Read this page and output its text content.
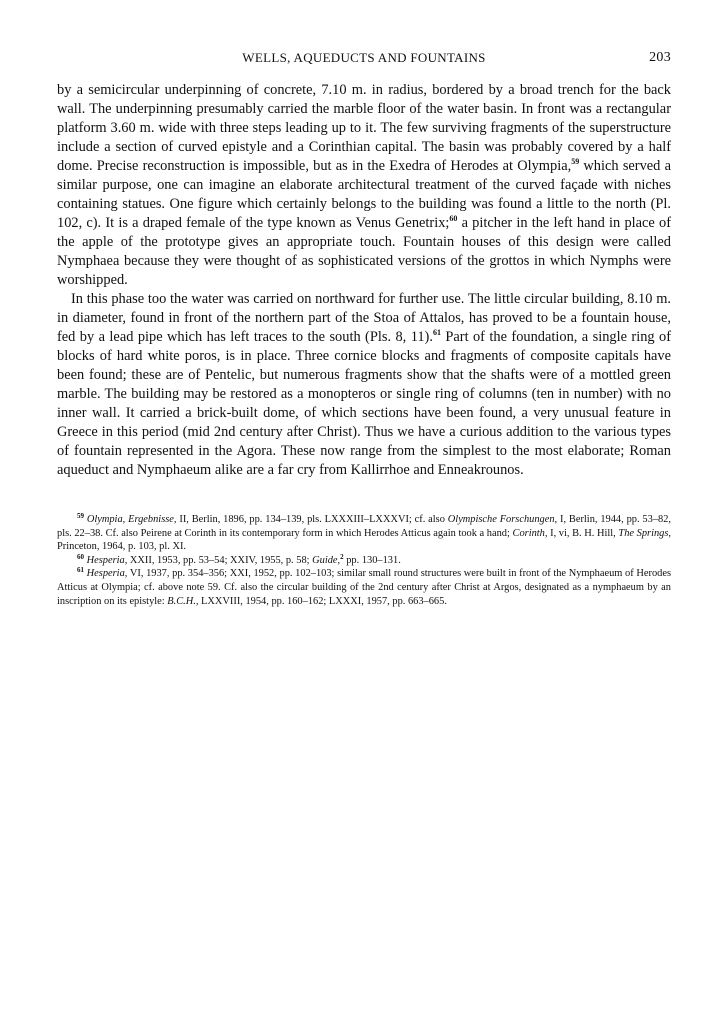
WELLS, AQUEDUCTS AND FOUNTAINS	203

by a semicircular underpinning of concrete, 7.10 m. in radius, bordered by a broad trench for the back wall. The underpinning presumably carried the marble floor of the water basin. In front was a rectangular platform 3.60 m. wide with three steps leading up to it. The few surviving fragments of the superstructure include a section of curved epistyle and a Corinthian capital. The basin was probably covered by a half dome. Precise reconstruction is impossible, but as in the Exedra of Herodes at Olympia,$^{59}$ which served a similar purpose, one can imagine an elaborate architectural treatment of the curved façade with niches containing statues. One figure which certainly belongs to the building was found a little to the north (Pl. 102, c). It is a draped female of the type known as Venus Genetrix;$^{60}$ a pitcher in the left hand in place of the apple of the prototype gives an appropriate touch. Fountain houses of this design were called Nymphaea because they were thought of as sophisticated versions of the grottos in which Nymphs were worshipped.

In this phase too the water was carried on northward for further use. The little circular building, 8.10 m. in diameter, found in front of the northern part of the Stoa of Attalos, has proved to be a fountain house, fed by a lead pipe which has left traces to the south (Pls. 8, 11).$^{61}$ Part of the foundation, a single ring of blocks of hard white poros, is in place. Three cornice blocks and fragments of composite capitals have been found; these are of Pentelic, but numerous fragments show that the shafts were of a mottled green marble. The building may be restored as a monopteros or single ring of columns (ten in number) with no inner wall. It carried a brick-built dome, of which sections have been found, a very unusual feature in Greece in this period (mid 2nd century after Christ). Thus we have a curious addition to the various types of fountain represented in the Agora. These now range from the simplest to the most elaborate; Roman aqueduct and Nymphaeum alike are a far cry from Kallirrhoe and Enneakrounos.

$^{59}$ Olympia, Ergebnisse, II, Berlin, 1896, pp. 134–139, pls. LXXXIII–LXXXVI; cf. also Olympische Forschungen, I, Berlin, 1944, pp. 53–82, pls. 22–38. Cf. also Peirene at Corinth in its contemporary form in which Herodes Atticus again took a hand; Corinth, I, vi, B. H. Hill, The Springs, Princeton, 1964, p. 103, pl. XI.

$^{60}$ Hesperia, XXII, 1953, pp. 53–54; XXIV, 1955, p. 58; Guide,$^2$ pp. 130–131.

$^{61}$ Hesperia, VI, 1937, pp. 354–356; XXI, 1952, pp. 102–103; similar small round structures were built in front of the Nymphaeum of Herodes Atticus at Olympia; cf. above note 59. Cf. also the circular building of the 2nd century after Christ at Argos, designated as a nymphaeum by an inscription on its epistyle: B.C.H., LXXVIII, 1954, pp. 160–162; LXXXI, 1957, pp. 663–665.
